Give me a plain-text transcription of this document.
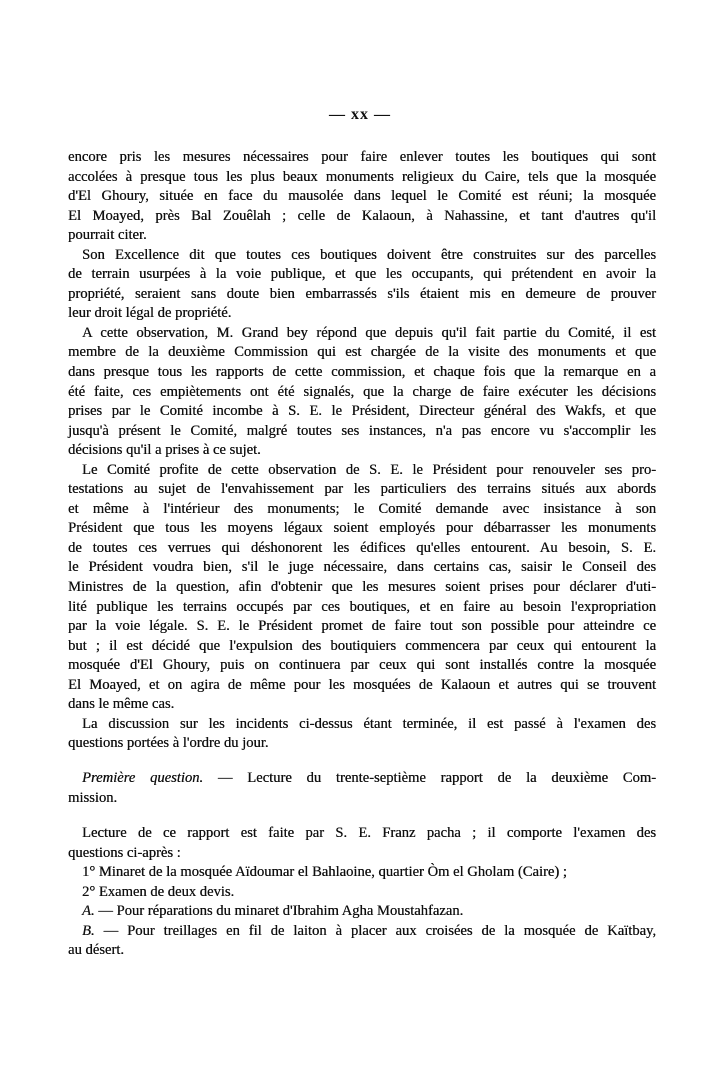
— xx —
encore pris les mesures nécessaires pour faire enlever toutes les boutiques qui sont
accolées à presque tous les plus beaux monuments religieux du Caire, tels que la mosquée
d'El Ghoury, située en face du mausolée dans lequel le Comité est réuni; la mosquée
El Moayed, près Bal Zouêlah ; celle de Kalaoun, à Nahassine, et tant d'autres qu'il
pourrait citer.
Son Excellence dit que toutes ces boutiques doivent être construites sur des parcelles
de terrain usurpées à la voie publique, et que les occupants, qui prétendent en avoir la
propriété, seraient sans doute bien embarrassés s'ils étaient mis en demeure de prouver
leur droit légal de propriété.
A cette observation, M. Grand bey répond que depuis qu'il fait partie du Comité, il est
membre de la deuxième Commission qui est chargée de la visite des monuments et que
dans presque tous les rapports de cette commission, et chaque fois que la remarque en a
été faite, ces empiètements ont été signalés, que la charge de faire exécuter les décisions
prises par le Comité incombe à S. E. le Président, Directeur général des Wakfs, et que
jusqu'à présent le Comité, malgré toutes ses instances, n'a pas encore vu s'accomplir les
décisions qu'il a prises à ce sujet.
Le Comité profite de cette observation de S. E. le Président pour renouveler ses pro-
testations au sujet de l'envahissement par les particuliers des terrains situés aux abords
et même à l'intérieur des monuments; le Comité demande avec insistance à son
Président que tous les moyens légaux soient employés pour débarrasser les monuments
de toutes ces verrues qui déshonorent les édifices qu'elles entourent. Au besoin, S. E.
le Président voudra bien, s'il le juge nécessaire, dans certains cas, saisir le Conseil des
Ministres de la question, afin d'obtenir que les mesures soient prises pour déclarer d'uti-
lité publique les terrains occupés par ces boutiques, et en faire au besoin l'expropriation
par la voie légale. S. E. le Président promet de faire tout son possible pour atteindre ce
but ; il est décidé que l'expulsion des boutiquiers commencera par ceux qui entourent la
mosquée d'El Ghoury, puis on continuera par ceux qui sont installés contre la mosquée
El Moayed, et on agira de même pour les mosquées de Kalaoun et autres qui se trouvent
dans le même cas.
La discussion sur les incidents ci-dessus étant terminée, il est passé à l'examen des
questions portées à l'ordre du jour.
Première question. — Lecture du trente-septième rapport de la deuxième Com-
mission.
Lecture de ce rapport est faite par S. E. Franz pacha ; il comporte l'examen des
questions ci-après :
1° Minaret de la mosquée Aïdoumar el Bahlaoine, quartier Òm el Gholam (Caire) ;
2° Examen de deux devis.
A. — Pour réparations du minaret d'Ibrahim Agha Moustahfazan.
B. — Pour treillages en fil de laiton à placer aux croisées de la mosquée de Kaïtbay,
au désert.
